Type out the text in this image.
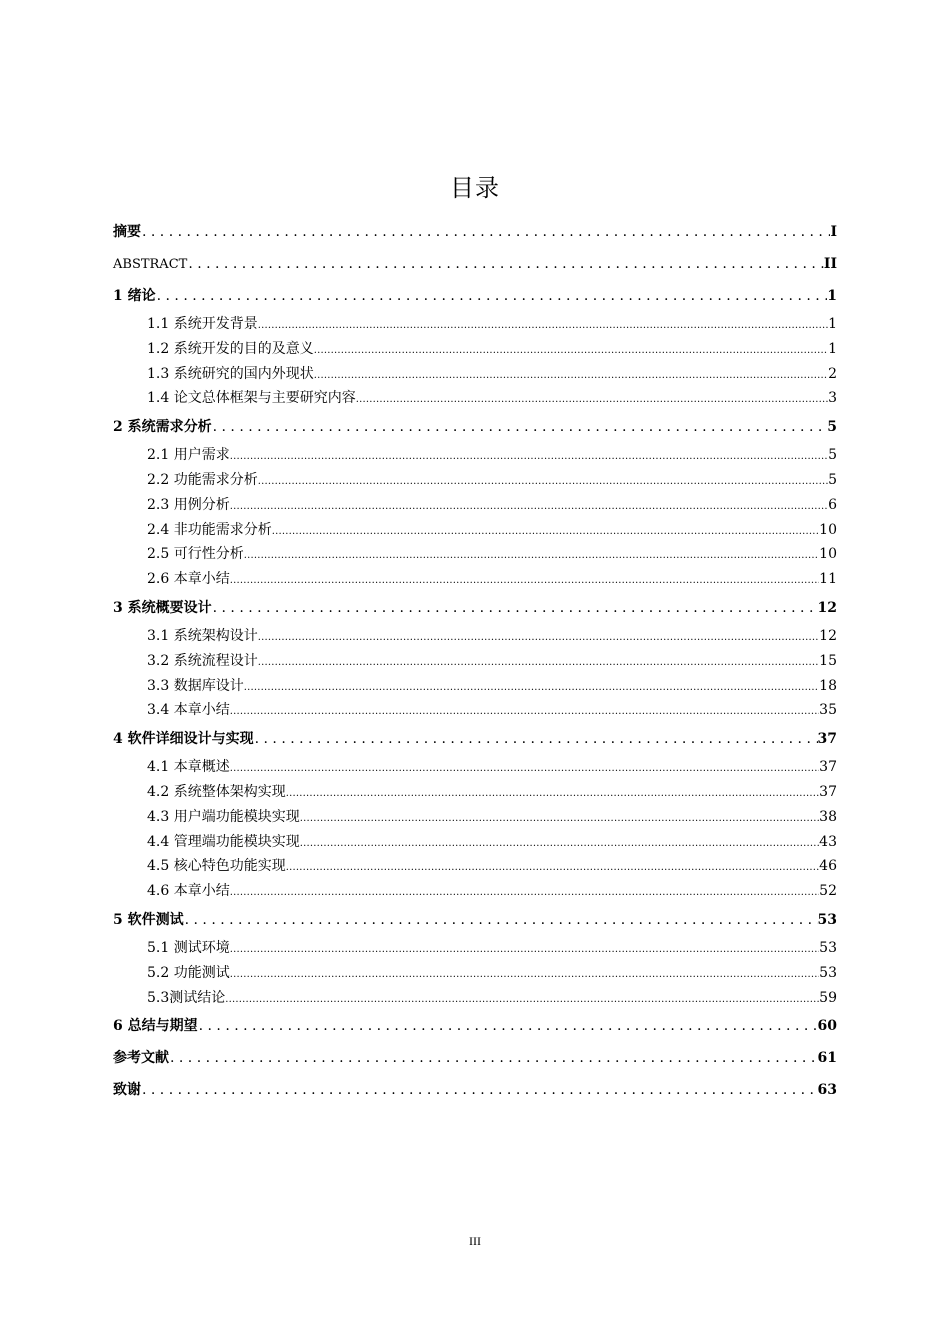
目录
摘要 . . .	I
ABSTRACT . . .	II
1 绪论 . . .	1
1.1 系统开发背景 .....	1
1.2 系统开发的目的及意义 .....	1
1.3 系统研究的国内外现状 .....	2
1.4 论文总体框架与主要研究内容 .....	3
2 系统需求分析 . . .	5
2.1 用户需求 .....	5
2.2 功能需求分析 .....	5
2.3 用例分析 .....	6
2.4 非功能需求分析 .....	10
2.5 可行性分析 .....	10
2.6 本章小结 .....	11
3 系统概要设计 . . .	12
3.1 系统架构设计 .....	12
3.2 系统流程设计 .....	15
3.3 数据库设计 .....	18
3.4 本章小结 .....	35
4 软件详细设计与实现 . . .	37
4.1 本章概述 .....	37
4.2 系统整体架构实现 .....	37
4.3 用户端功能模块实现 .....	38
4.4 管理端功能模块实现 .....	43
4.5 核心特色功能实现 .....	46
4.6 本章小结 .....	52
5 软件测试 . . .	53
5.1 测试环境 .....	53
5.2 功能测试 .....	53
5.3测试结论 .....	59
6 总结与期望 . . .	60
参考文献 . . .	61
致谢 . . .	63
III
